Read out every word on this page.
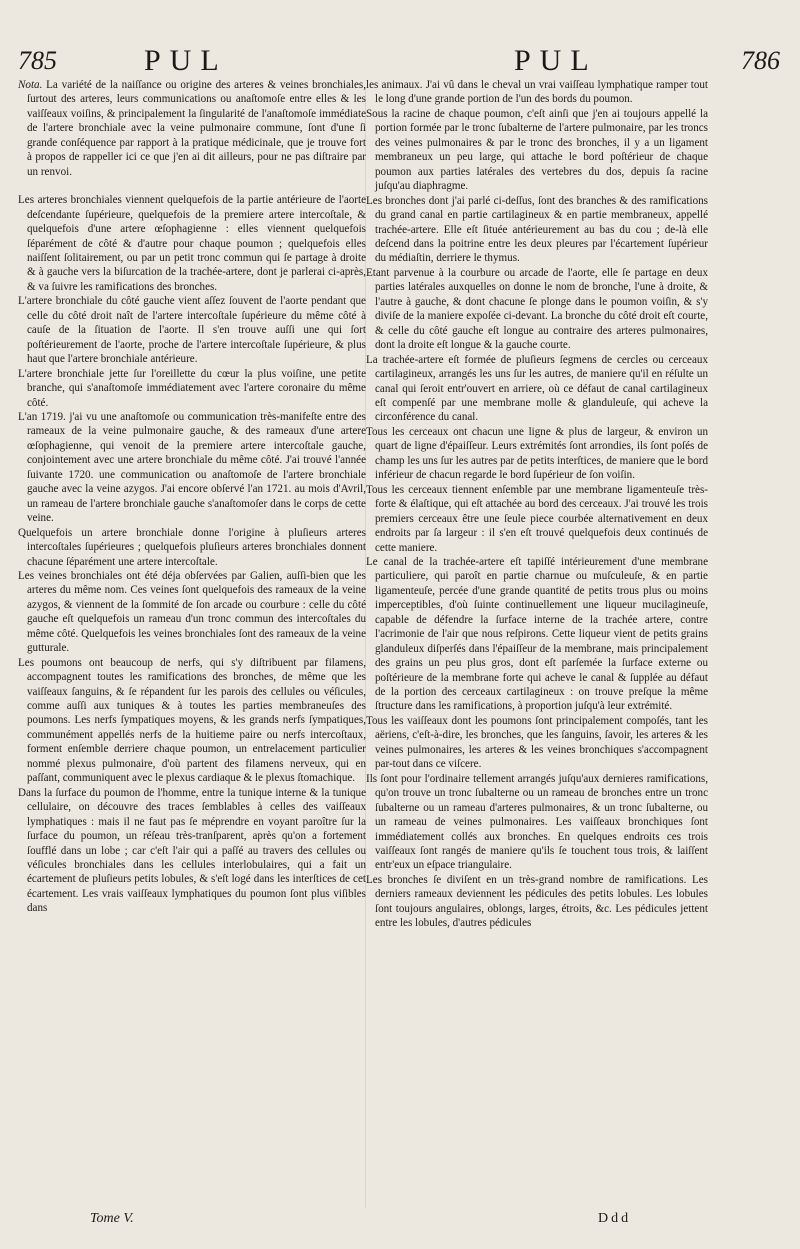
785	PUL	PUL	786

Nota. La variété de la naiſſance ou origine des arteres & veines bronchiales, ſurtout des arteres, leurs communications ou anaſtomoſe entre elles & les vaiſſeaux voiſins, & principalement la ſingularité de l'anaſtomoſe immédiate de l'artere bronchiale avec la veine pulmonaire commune, ſont d'une ſi grande conſéquence par rapport à la pratique médicinale, que je trouve fort à propos de rappeller ici ce que j'en ai dit ailleurs, pour ne pas diſtraire par un renvoi.

Les arteres bronchiales viennent quelquefois de la partie antérieure de l'aorte deſcendante ſupérieure, quelquefois de la premiere artere intercoſtale, & quelquefois d'une artere œſophagienne : elles viennent quelquefois ſéparément de côté & d'autre pour chaque poumon ; quelquefois elles naiſſent ſolitairement, ou par un petit tronc commun qui ſe partage à droite & à gauche vers la biſurcation de la trachée-artere, dont je parlerai ci-après, & va ſuivre les ramifications des bronches.

L'artere bronchiale du côté gauche vient aſſez ſouvent de l'aorte pendant que celle du côté droit naît de l'artere intercoſtale ſupérieure du même côté à cauſe de la ſituation de l'aorte. Il s'en trouve auſſi une qui ſort poſtérieurement de l'aorte, proche de l'artere intercoſtale ſupérieure, & plus haut que l'artere bronchiale antérieure.

L'artere bronchiale jette ſur l'oreillette du cœur la plus voiſine, une petite branche, qui s'anaſtomoſe immédiatement avec l'artere coronaire du même côté.

L'an 1719. j'ai vu une anaſtomoſe ou communication très-manifeſte entre des rameaux de la veine pulmonaire gauche, & des rameaux d'une artere œſophagienne, qui venoit de la premiere artere intercoſtale gauche, conjointement avec une artere bronchiale du même côté. J'ai trouvé l'année ſuivante 1720. une communication ou anaſtomoſe de l'artere bronchiale gauche avec la veine azygos. J'ai encore obſervé l'an 1721. au mois d'Avril, un rameau de l'artere bronchiale gauche s'anaſtomoſer dans le corps de cette veine.

Quelquefois un artere bronchiale donne l'origine à pluſieurs arteres intercoſtales ſupérieures ; quelquefois pluſieurs arteres bronchiales donnent chacune ſéparément une artere intercoſtale.

Les veines bronchiales ont été déja obſervées par Galien, auſſi-bien que les arteres du même nom. Ces veines ſont quelquefois des rameaux de la veine azygos, & viennent de la ſommité de ſon arcade ou courbure : celle du côté gauche eſt quelquefois un rameau d'un tronc commun des intercoſtales du même côté. Quelquefois les veines bronchiales ſont des rameaux de la veine gutturale.

Les poumons ont beaucoup de nerfs, qui s'y diſtribuent par filamens, accompagnent toutes les ramifications des bronches, de même que les vaiſſeaux ſanguins, & ſe répandent ſur les parois des cellules ou véſicules, comme auſſi aux tuniques & à toutes les parties membraneuſes des poumons. Les nerfs ſympatiques moyens, & les grands nerfs ſympatiques, communément appellés nerfs de la huitieme paire ou nerfs intercoſtaux, forment enſemble derriere chaque poumon, un entrelacement particulier nommé plexus pulmonaire, d'où partent des filamens nerveux, qui en paſſant, communiquent avec le plexus cardiaque & le plexus ſtomachique.

Dans la ſurface du poumon de l'homme, entre la tunique interne & la tunique cellulaire, on découvre des traces ſemblables à celles des vaiſſeaux lymphatiques : mais il ne faut pas ſe méprendre en voyant paroître ſur la ſurface du poumon, un réſeau très-tranſparent, après qu'on a fortement ſoufflé dans un lobe ; car c'eſt l'air qui a paſſé au travers des cellules ou véſicules bronchiales dans les cellules interlobulaires, qui a fait un écartement de pluſieurs petits lobules, & s'eſt logé dans les interſtices de cet écartement. Les vrais vaiſſeaux lymphatiques du poumon ſont plus viſibles dans

les animaux. J'ai vû dans le cheval un vrai vaiſſeau lymphatique ramper tout le long d'une grande portion de l'un des bords du poumon.

Sous la racine de chaque poumon, c'eſt ainſi que j'en ai toujours appellé la portion formée par le tronc ſubalterne de l'artere pulmonaire, par les troncs des veines pulmonaires & par le tronc des bronches, il y a un ligament membraneux un peu large, qui attache le bord poſtérieur de chaque poumon aux parties latérales des vertebres du dos, depuis ſa racine juſqu'au diaphragme.

Les bronches dont j'ai parlé ci-deſſus, ſont des branches & des ramifications du grand canal en partie cartilagineux & en partie membraneux, appellé trachée-artere. Elle eſt ſituée antérieurement au bas du cou ; de-là elle deſcend dans la poitrine entre les deux pleures par l'écartement ſupérieur du médiaſtin, derriere le thymus.

Etant parvenue à la courbure ou arcade de l'aorte, elle ſe partage en deux parties latérales auxquelles on donne le nom de bronche, l'une à droite, & l'autre à gauche, & dont chacune ſe plonge dans le poumon voiſin, & s'y diviſe de la maniere expoſée ci-devant. La bronche du côté droit eſt courte, & celle du côté gauche eſt longue au contraire des arteres pulmonaires, dont la droite eſt longue & la gauche courte.

La trachée-artere eſt formée de pluſieurs ſegmens de cercles ou cerceaux cartilagineux, arrangés les uns ſur les autres, de maniere qu'il en réſulte un canal qui ſeroit entr'ouvert en arriere, où ce défaut de canal cartilagineux eſt compenſé par une membrane molle & glanduleuſe, qui acheve la circonférence du canal.

Tous les cerceaux ont chacun une ligne & plus de largeur, & environ un quart de ligne d'épaiſſeur. Leurs extrémités ſont arrondies, ils ſont poſés de champ les uns ſur les autres par de petits interſtices, de maniere que le bord inférieur de chacun regarde le bord ſupérieur de ſon voiſin.

Tous les cerceaux tiennent enſemble par une membrane ligamenteuſe très-forte & élaſtique, qui eſt attachée au bord des cerceaux. J'ai trouvé les trois premiers cerceaux être une ſeule piece courbée alternativement en deux endroits par ſa largeur : il s'en eſt trouvé quelquefois deux continués de cette maniere.

Le canal de la trachée-artere eſt tapiſſé intérieurement d'une membrane particuliere, qui paroît en partie charnue ou muſculeuſe, & en partie ligamenteuſe, percée d'une grande quantité de petits trous plus ou moins imperceptibles, d'où ſuinte continuellement une liqueur mucilagineuſe, capable de défendre la ſurface interne de la trachée artere, contre l'acrimonie de l'air que nous reſpirons. Cette liqueur vient de petits grains glanduleux diſperſés dans l'épaiſſeur de la membrane, mais principalement des grains un peu plus gros, dont eſt parſemée la ſurface externe ou poſtérieure de la membrane forte qui acheve le canal & ſupplée au défaut de la portion des cerceaux cartilagineux : on trouve preſque la même ſtructure dans les ramifications, à proportion juſqu'à leur extrémité.

Tous les vaiſſeaux dont les poumons ſont principalement compoſés, tant les aëriens, c'eſt-à-dire, les bronches, que les ſanguins, ſavoir, les arteres & les veines pulmonaires, les arteres & les veines bronchiques s'accompagnent par-tout dans ce viſcere.

Ils ſont pour l'ordinaire tellement arrangés juſqu'aux dernieres ramifications, qu'on trouve un tronc ſubalterne ou un rameau de bronches entre un tronc ſubalterne ou un rameau d'arteres pulmonaires, & un tronc ſubalterne, ou un rameau de veines pulmonaires. Les vaiſſeaux bronchiques ſont immédiatement collés aux bronches. En quelques endroits ces trois vaiſſeaux ſont rangés de maniere qu'ils ſe touchent tous trois, & laiſſent entr'eux un eſpace triangulaire.

Les bronches ſe diviſent en un très-grand nombre de ramifications. Les derniers rameaux deviennent les pédicules des petits lobules. Les lobules ſont toujours angulaires, oblongs, larges, étroits, &c. Les pédicules jettent entre les lobules, d'autres pédicules

Tome V.	Ddd
